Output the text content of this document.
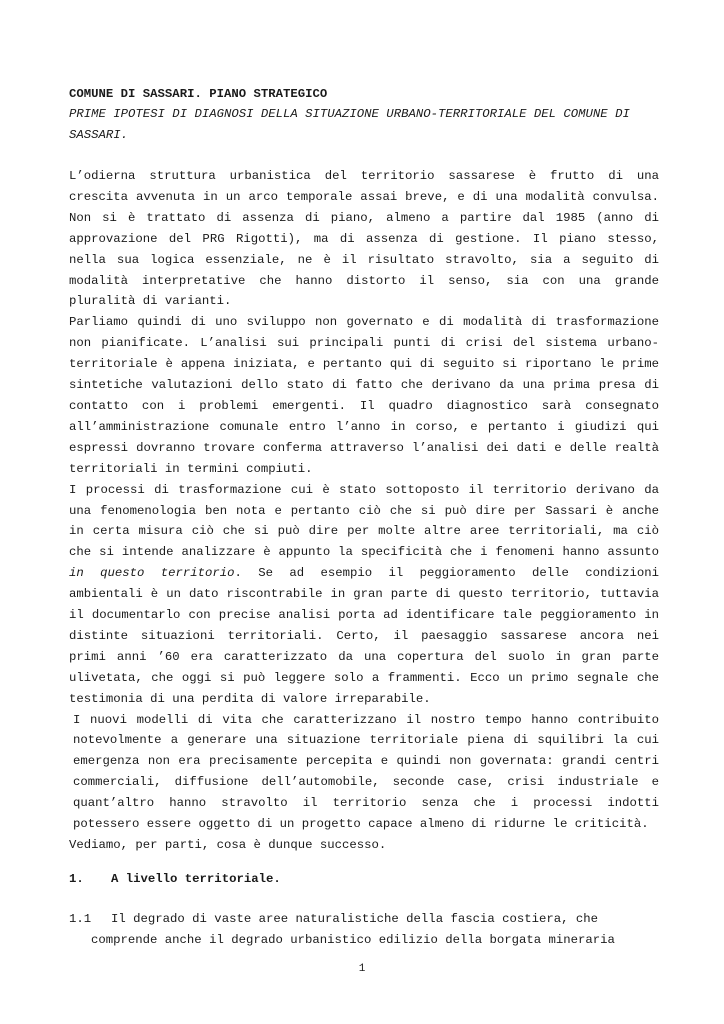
COMUNE DI SASSARI. PIANO STRATEGICO
PRIME IPOTESI DI DIAGNOSI DELLA SITUAZIONE URBANO-TERRITORIALE DEL COMUNE DI SASSARI.

L’odierna struttura urbanistica del territorio sassarese è frutto di una crescita avvenuta in un arco temporale assai breve, e di una modalità convulsa. Non si è trattato di assenza di piano, almeno a partire dal 1985 (anno di approvazione del PRG Rigotti), ma di assenza di gestione. Il piano stesso, nella sua logica essenziale, ne è il risultato stravolto, sia a seguito di modalità interpretative che hanno distorto il senso, sia con una grande pluralità di varianti.

Parliamo quindi di uno sviluppo non governato e di modalità di trasformazione non pianificate. L’analisi sui principali punti di crisi del sistema urbano-territoriale è appena iniziata, e pertanto qui di seguito si riportano le prime sintetiche valutazioni dello stato di fatto che derivano da una prima presa di contatto con i problemi emergenti. Il quadro diagnostico sarà consegnato all’amministrazione comunale entro l’anno in corso, e pertanto i giudizi qui espressi dovranno trovare conferma attraverso l’analisi dei dati e delle realtà territoriali in termini compiuti.

I processi di trasformazione cui è stato sottoposto il territorio derivano da una fenomenologia ben nota e pertanto ciò che si può dire per Sassari è anche in certa misura ciò che si può dire per molte altre aree territoriali, ma ciò che si intende analizzare è appunto la specificità che i fenomeni hanno assunto in questo territorio. Se ad esempio il peggioramento delle condizioni ambientali è un dato riscontrabile in gran parte di questo territorio, tuttavia il documentarlo con precise analisi porta ad identificare tale peggioramento in distinte situazioni territoriali. Certo, il paesaggio sassarese ancora nei primi anni ’60 era caratterizzato da una copertura del suolo in gran parte ulivetata, che oggi si può leggere solo a frammenti. Ecco un primo segnale che testimonia di una perdita di valore irreparabile.

I nuovi modelli di vita che caratterizzano il nostro tempo hanno contribuito notevolmente a generare una situazione territoriale piena di squilibri la cui emergenza non era precisamente percepita e quindi non governata: grandi centri commerciali, diffusione dell’automobile, seconde case, crisi industriale e quant’altro hanno stravolto il territorio senza che i processi indotti potessero essere oggetto di un progetto capace almeno di ridurne le criticità.

Vediamo, per parti, cosa è dunque successo.

1. A livello territoriale.
1.1 Il degrado di vaste aree naturalistiche della fascia costiera, che
comprende anche il degrado urbanistico edilizio della borgata mineraria
1
